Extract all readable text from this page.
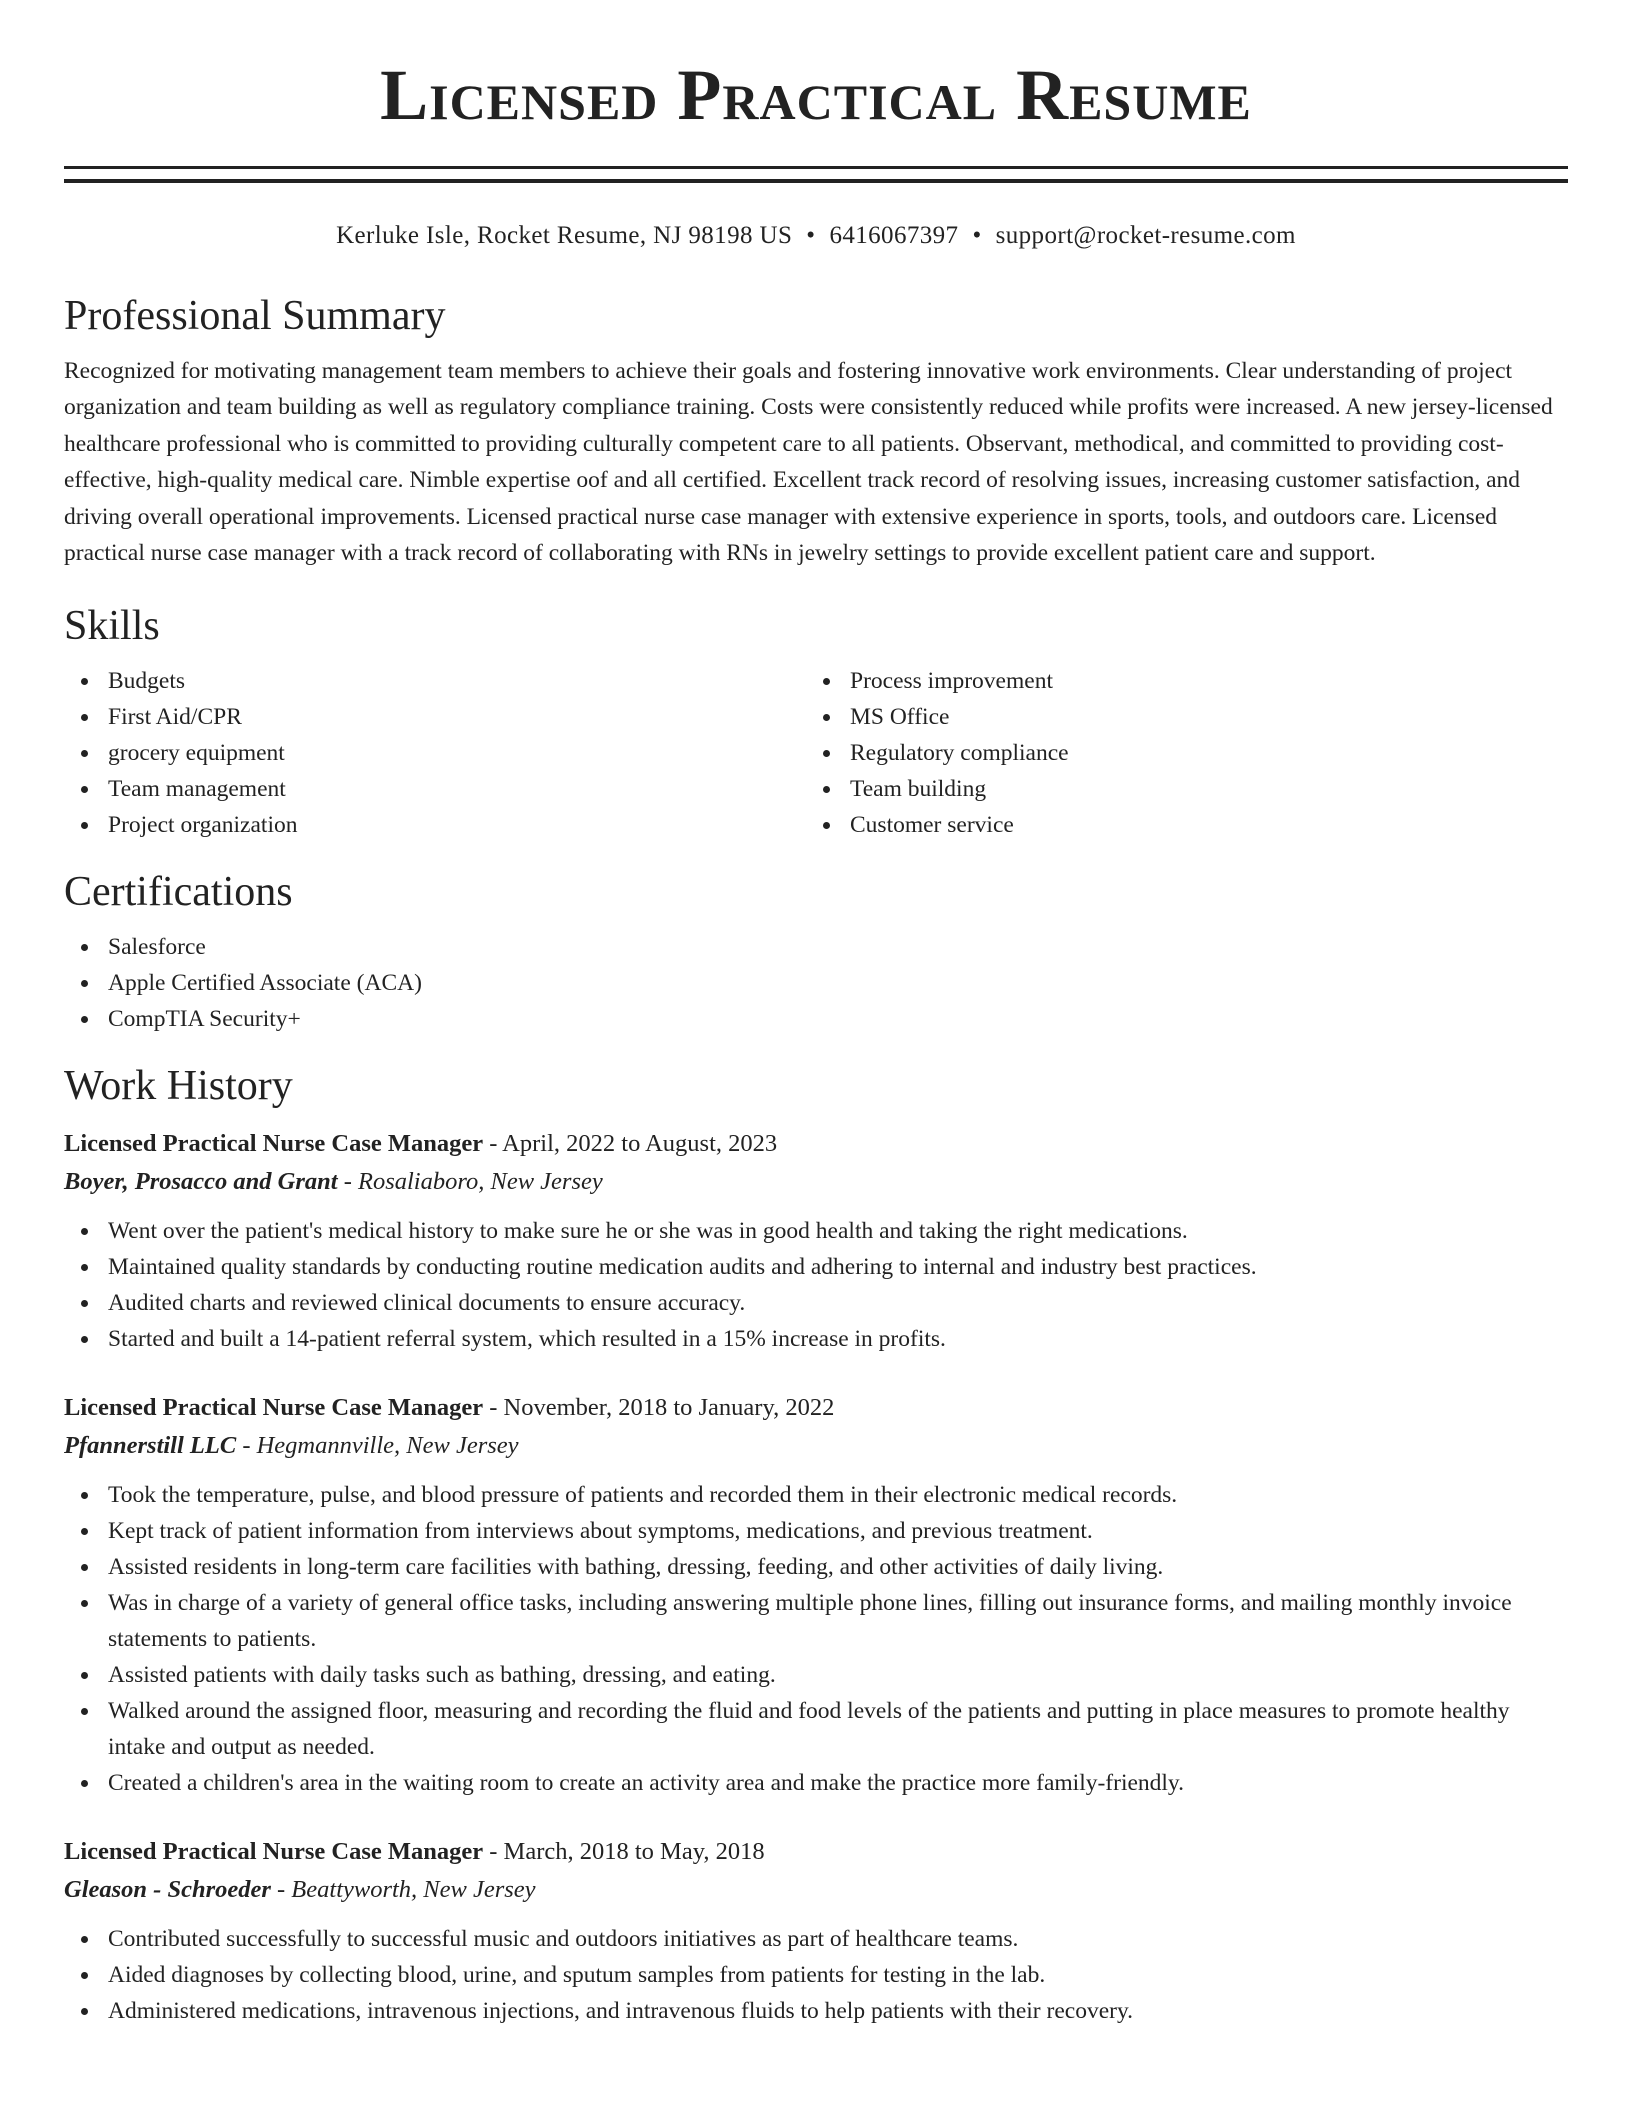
Licensed Practical Resume
Kerluke Isle, Rocket Resume, NJ 98198 US • 6416067397 • support@rocket-resume.com
Professional Summary
Recognized for motivating management team members to achieve their goals and fostering innovative work environments. Clear understanding of project organization and team building as well as regulatory compliance training. Costs were consistently reduced while profits were increased. A new jersey-licensed healthcare professional who is committed to providing culturally competent care to all patients. Observant, methodical, and committed to providing cost-effective, high-quality medical care. Nimble expertise oof and all certified. Excellent track record of resolving issues, increasing customer satisfaction, and driving overall operational improvements. Licensed practical nurse case manager with extensive experience in sports, tools, and outdoors care. Licensed practical nurse case manager with a track record of collaborating with RNs in jewelry settings to provide excellent patient care and support.
Skills
Budgets
First Aid/CPR
grocery equipment
Team management
Project organization
Process improvement
MS Office
Regulatory compliance
Team building
Customer service
Certifications
Salesforce
Apple Certified Associate (ACA)
CompTIA Security+
Work History
Licensed Practical Nurse Case Manager - April, 2022 to August, 2023
Boyer, Prosacco and Grant - Rosaliaboro, New Jersey
Went over the patient's medical history to make sure he or she was in good health and taking the right medications.
Maintained quality standards by conducting routine medication audits and adhering to internal and industry best practices.
Audited charts and reviewed clinical documents to ensure accuracy.
Started and built a 14-patient referral system, which resulted in a 15% increase in profits.
Licensed Practical Nurse Case Manager - November, 2018 to January, 2022
Pfannerstill LLC - Hegmannville, New Jersey
Took the temperature, pulse, and blood pressure of patients and recorded them in their electronic medical records.
Kept track of patient information from interviews about symptoms, medications, and previous treatment.
Assisted residents in long-term care facilities with bathing, dressing, feeding, and other activities of daily living.
Was in charge of a variety of general office tasks, including answering multiple phone lines, filling out insurance forms, and mailing monthly invoice statements to patients.
Assisted patients with daily tasks such as bathing, dressing, and eating.
Walked around the assigned floor, measuring and recording the fluid and food levels of the patients and putting in place measures to promote healthy intake and output as needed.
Created a children's area in the waiting room to create an activity area and make the practice more family-friendly.
Licensed Practical Nurse Case Manager - March, 2018 to May, 2018
Gleason - Schroeder - Beattyworth, New Jersey
Contributed successfully to successful music and outdoors initiatives as part of healthcare teams.
Aided diagnoses by collecting blood, urine, and sputum samples from patients for testing in the lab.
Administered medications, intravenous injections, and intravenous fluids to help patients with their recovery.
